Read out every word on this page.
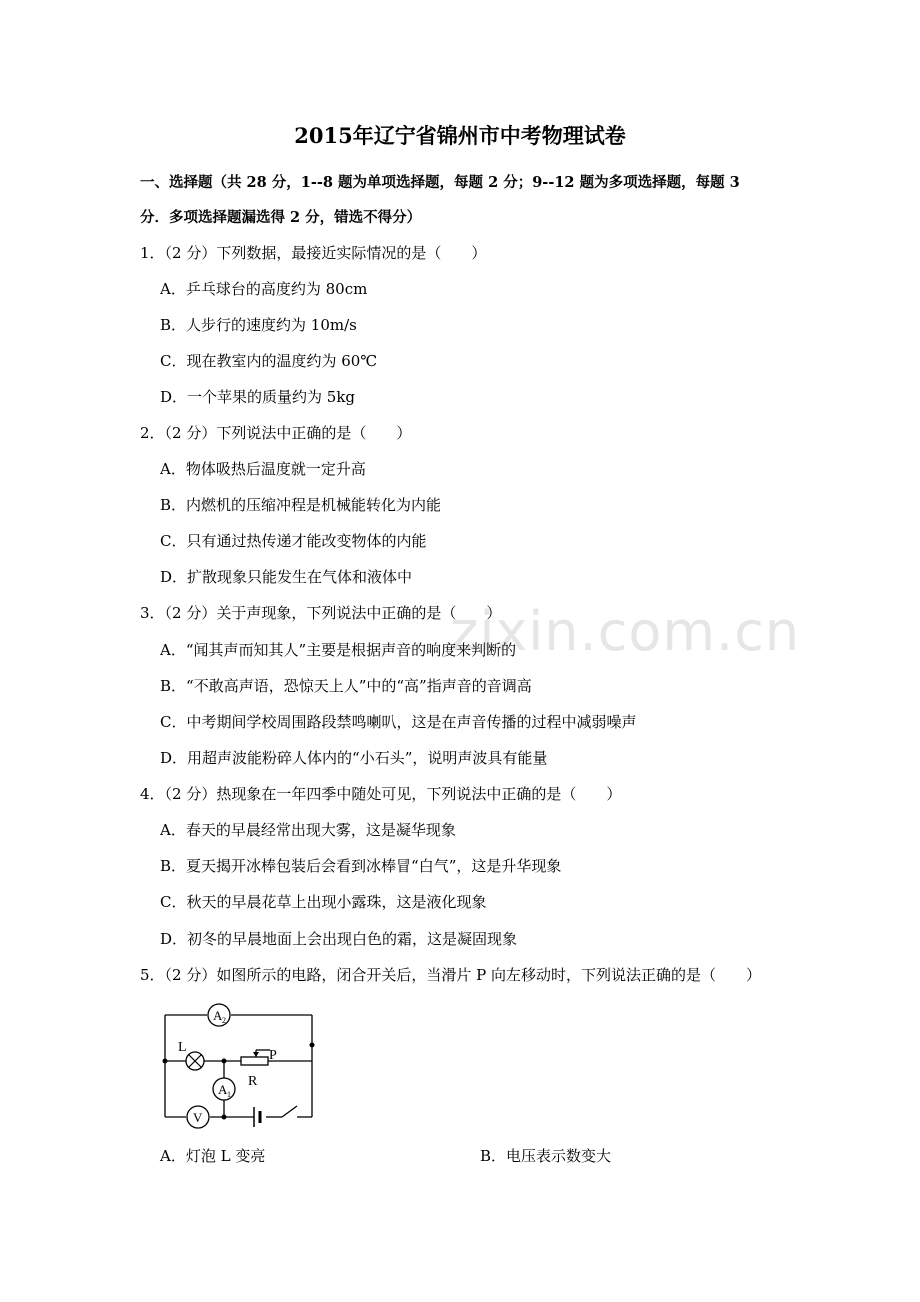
zixin.com.cn
2015年辽宁省锦州市中考物理试卷
一、选择题（共 28 分，1--8 题为单项选择题，每题 2 分；9--12 题为多项选择题，每题 3
分．多项选择题漏选得 2 分，错选不得分）
1．（2 分）下列数据，最接近实际情况的是（　　）
A．乒乓球台的高度约为 80cm
B．人步行的速度约为 10m/s
C．现在教室内的温度约为 60℃
D．一个苹果的质量约为 5kg
2．（2 分）下列说法中正确的是（　　）
A．物体吸热后温度就一定升高
B．内燃机的压缩冲程是机械能转化为内能
C．只有通过热传递才能改变物体的内能
D．扩散现象只能发生在气体和液体中
3．（2 分）关于声现象，下列说法中正确的是（　　）
A．“闻其声而知其人”主要是根据声音的响度来判断的
B．“不敢高声语，恐惊天上人”中的“高”指声音的音调高
C．中考期间学校周围路段禁鸣喇叭，这是在声音传播的过程中减弱噪声
D．用超声波能粉碎人体内的“小石头”，说明声波具有能量
4．（2 分）热现象在一年四季中随处可见，下列说法中正确的是（　　）
A．春天的早晨经常出现大雾，这是凝华现象
B．夏天揭开冰棒包装后会看到冰棒冒“白气”，这是升华现象
C．秋天的早晨花草上出现小露珠，这是液化现象
D．初冬的早晨地面上会出现白色的霜，这是凝固现象
5．（2 分）如图所示的电路，闭合开关后，当滑片 P 向左移动时，下列说法正确的是（　　）
A 2
L
P
R
A 1
V
A．灯泡 L 变亮	B．电压表示数变大
